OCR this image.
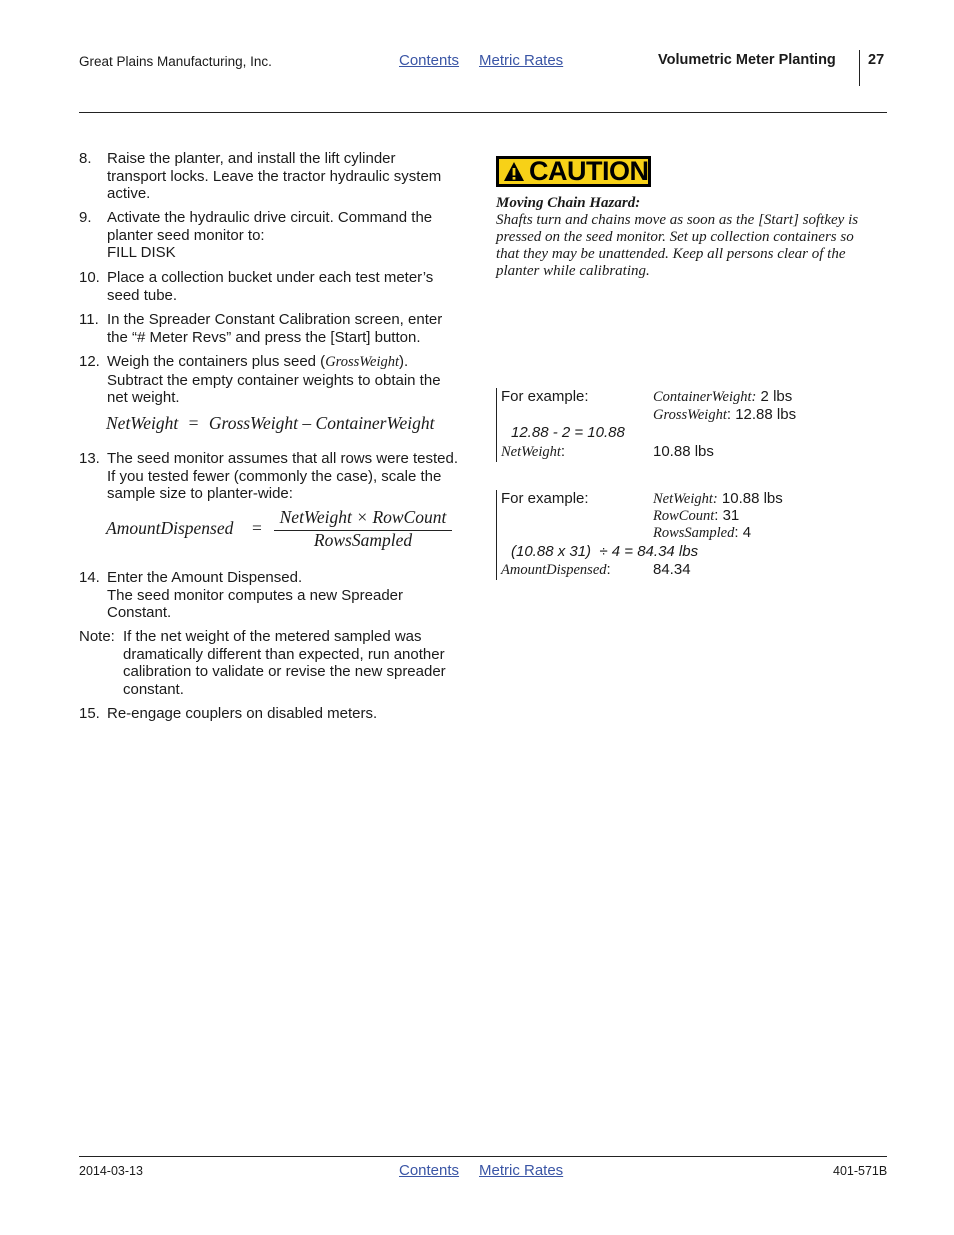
Great Plains Manufacturing, Inc.	Contents Metric Rates	Volumetric Meter Planting 27
8.	Raise the planter, and install the lift cylinder
transport locks. Leave the tractor hydraulic system
active.
9.	Activate the hydraulic drive circuit. Command the
planter seed monitor to:
FILL DISK
10. Place a collection bucket under each test meter’s
seed tube.
11. In the Spreader Constant Calibration screen, enter
the “# Meter Revs” and press the [Start] button.
12. Weigh the containers plus seed (GrossWeight).
Subtract the empty container weights to obtain the
net weight.
NetWeight = GrossWeight – ContainerWeight
13. The seed monitor assumes that all rows were tested.
If you tested fewer (commonly the case), scale the
sample size to planter-wide:
AmountDispensed =
NetWeight × RowCount
RowsSampled
14. Enter the Amount Dispensed.
The seed monitor computes a new Spreader
Constant.
Note: If the net weight of the metered sampled was
dramatically different than expected, run another
calibration to validate or revise the new spreader
constant.
15. Re-engage couplers on disabled meters.
CAUTION
Moving Chain Hazard:
Shafts turn and chains move as soon as the [Start] softkey is
pressed on the seed monitor. Set up collection containers so
that they may be unattended. Keep all persons clear of the
planter while calibrating.
For example:	ContainerWeight: 2 lbs
GrossWeight: 12.88 lbs
12.88 - 2 = 10.88
NetWeight:	10.88 lbs
For example:	NetWeight: 10.88 lbs
RowCount: 31
RowsSampled: 4
(10.88 x 31)  ÷ 4 = 84.34 lbs
AmountDispensed:	84.34
2014-03-13	Contents Metric Rates	401-571B
